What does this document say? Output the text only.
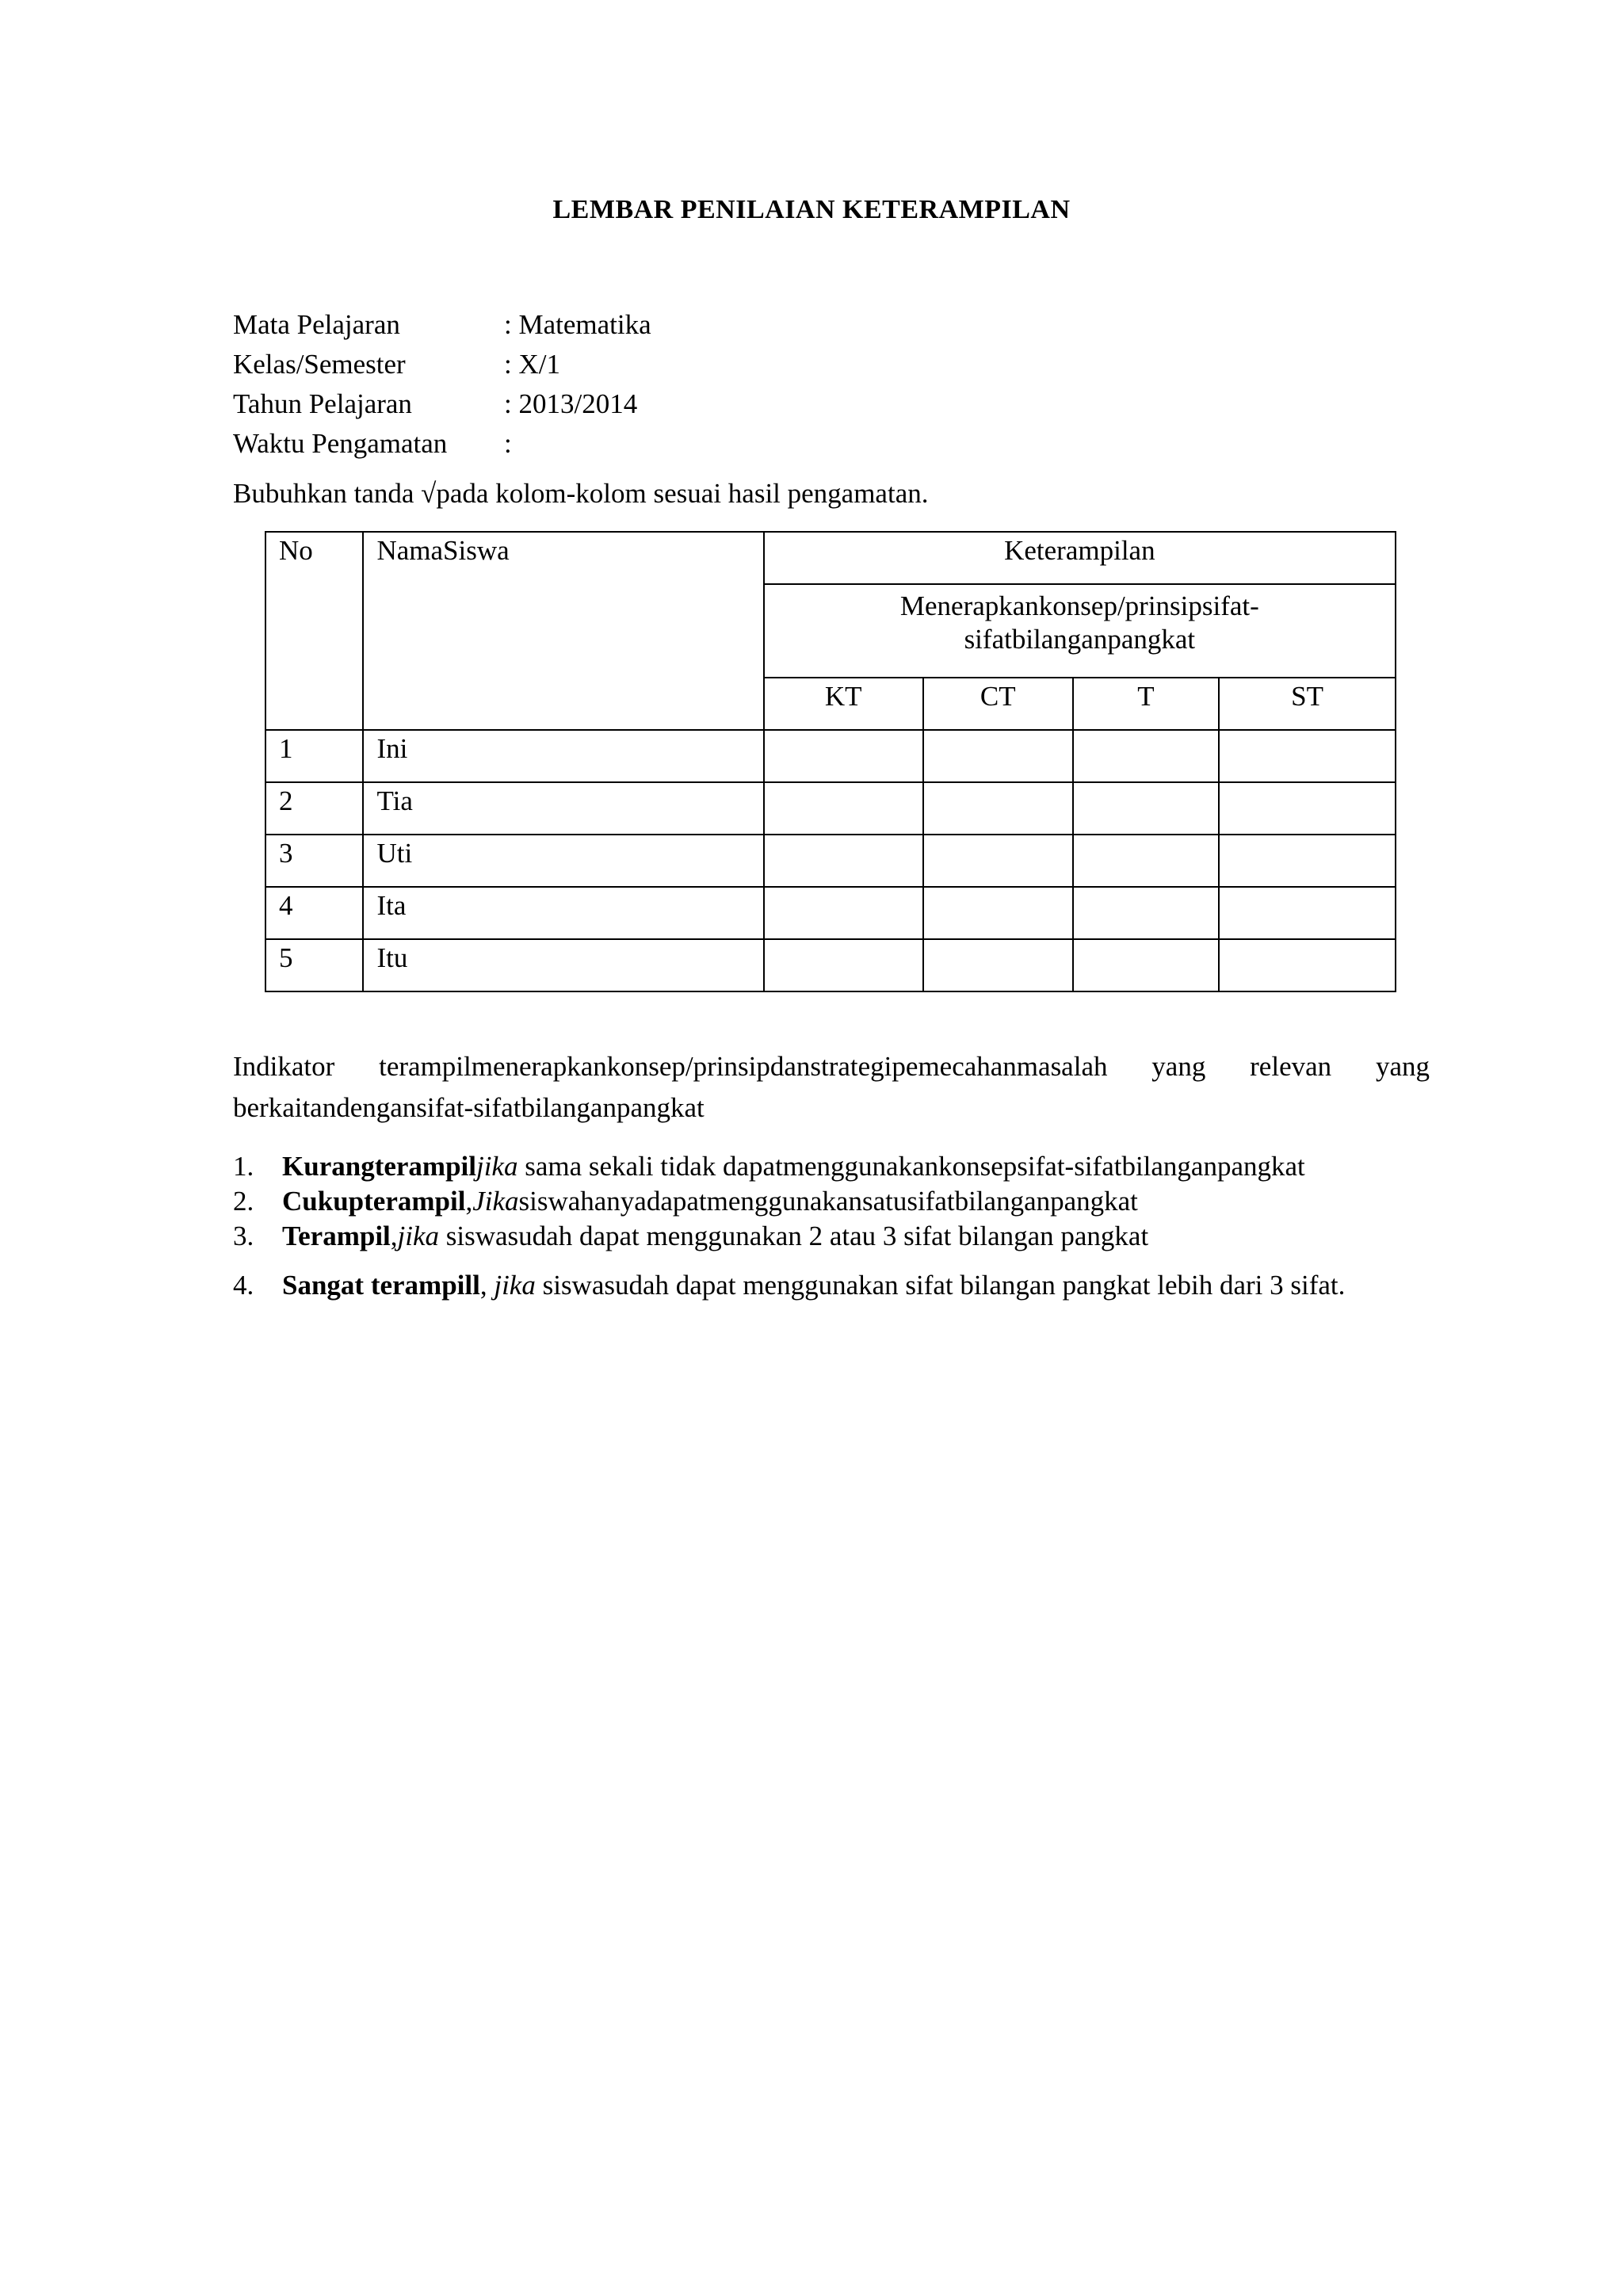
LEMBAR PENILAIAN KETERAMPILAN
Mata Pelajaran	: Matematika
Kelas/Semester	: X/1
Tahun Pelajaran	: 2013/2014
Waktu Pengamatan	:
Bubuhkan tanda √pada kolom-kolom sesuai hasil pengamatan.
No	NamaSiswa	Keterampilan			

		Menerapkankonsep/prinsipsifat-
sifatbilanganpangkat			

		KT	CT	T	ST
1	Ini				
2	Tia				
3	Uti				
4	Ita				
5	Itu				
Indikator terampilmenerapkankonsep/prinsipdanstrategipemecahanmasalah yang relevan yang berkaitandengansifat-sifatbilanganpangkat
1.	Kurangterampiljika sama sekali tidak dapatmenggunakankonsepsifat-sifatbilanganpangkat
2.	Cukupterampil,Jikasiswahanyadapatmenggunakansatusifatbilanganpangkat
3.	Terampil,jika siswasudah dapat menggunakan 2 atau 3 sifat bilangan pangkat
4.	Sangat terampill, jika siswasudah dapat menggunakan sifat bilangan pangkat lebih dari 3 sifat.
